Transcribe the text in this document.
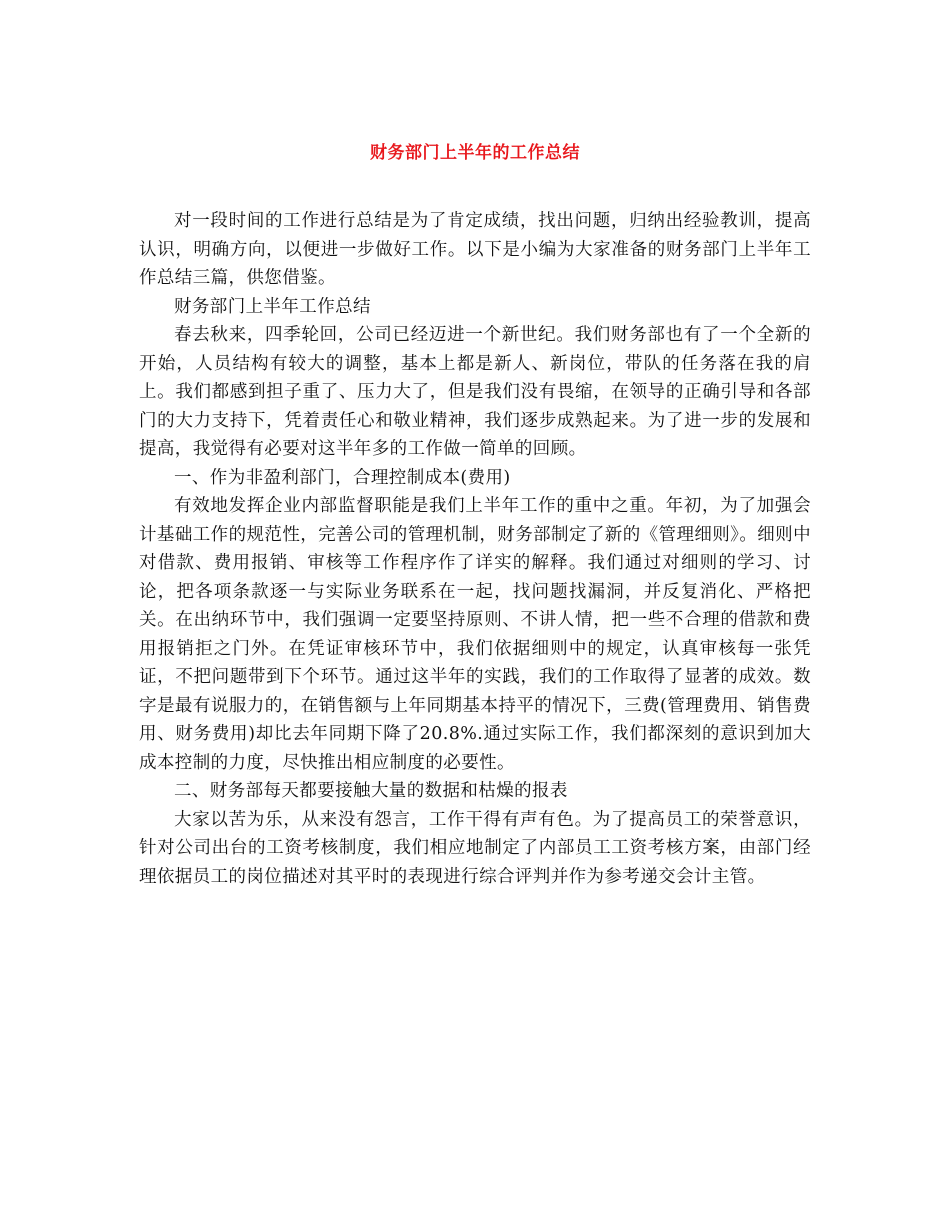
财务部门上半年的工作总结

对一段时间的工作进行总结是为了肯定成绩，找出问题，归纳出经验教训，提高认识，明确方向，以便进一步做好工作。以下是小编为大家准备的财务部门上半年工作总结三篇，供您借鉴。

财务部门上半年工作总结

春去秋来，四季轮回，公司已经迈进一个新世纪。我们财务部也有了一个全新的开始，人员结构有较大的调整，基本上都是新人、新岗位，带队的任务落在我的肩上。我们都感到担子重了、压力大了，但是我们没有畏缩，在领导的正确引导和各部门的大力支持下，凭着责任心和敬业精神，我们逐步成熟起来。为了进一步的发展和提高，我觉得有必要对这半年多的工作做一简单的回顾。

一、作为非盈利部门，合理控制成本(费用)

有效地发挥企业内部监督职能是我们上半年工作的重中之重。年初，为了加强会计基础工作的规范性，完善公司的管理机制，财务部制定了新的《管理细则》。细则中对借款、费用报销、审核等工作程序作了详实的解释。我们通过对细则的学习、讨论，把各项条款逐一与实际业务联系在一起，找问题找漏洞，并反复消化、严格把关。在出纳环节中，我们强调一定要坚持原则、不讲人情，把一些不合理的借款和费用报销拒之门外。在凭证审核环节中，我们依据细则中的规定，认真审核每一张凭证，不把问题带到下个环节。通过这半年的实践，我们的工作取得了显著的成效。数字是最有说服力的，在销售额与上年同期基本持平的情况下，三费(管理费用、销售费用、财务费用)却比去年同期下降了20.8%.通过实际工作，我们都深刻的意识到加大成本控制的力度，尽快推出相应制度的必要性。

二、财务部每天都要接触大量的数据和枯燥的报表

大家以苦为乐，从来没有怨言，工作干得有声有色。为了提高员工的荣誉意识，针对公司出台的工资考核制度，我们相应地制定了内部员工工资考核方案，由部门经理依据员工的岗位描述对其平时的表现进行综合评判并作为参考递交会计主管。
